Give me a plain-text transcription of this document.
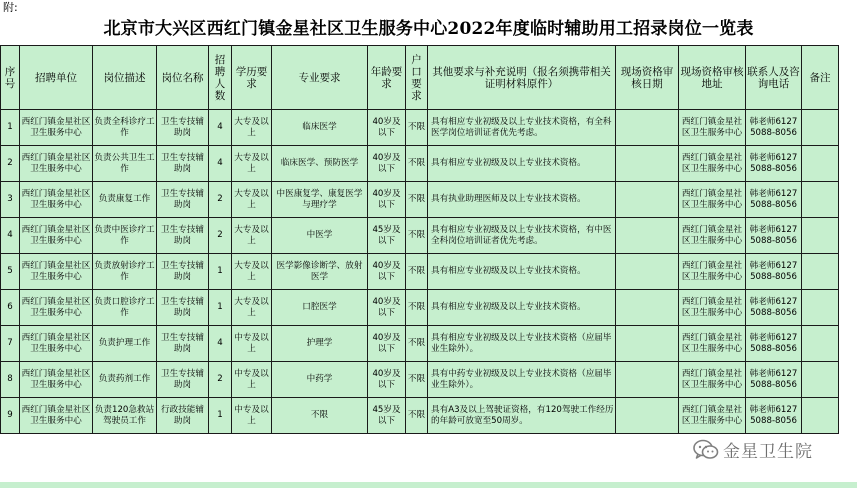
附:
北京市大兴区西红门镇金星社区卫生服务中心2022年度临时辅助用工招录岗位一览表
序号	招聘单位	岗位描述	岗位名称	招聘人数	学历要求	专业要求	年龄要求	户口要求	其他要求与补充说明（报名须携带相关证明材料原件）	现场资格审核日期	现场资格审核地址	联系人及咨询电话	备注
1	西红门镇金星社区卫生服务中心	负责全科诊疗工作	卫生专技辅助岗	4	大专及以上	临床医学	40岁及以下	不限	具有相应专业初级及以上专业技术资格，有全科医学岗位培训证者优先考虑。		西红门镇金星社区卫生服务中心	韩老师61275088-8056	
2	西红门镇金星社区卫生服务中心	负责公共卫生工作	卫生专技辅助岗	4	大专及以上	临床医学、预防医学	40岁及以下	不限	具有相应专业初级及以上专业技术资格。		西红门镇金星社区卫生服务中心	韩老师61275088-8056	
3	西红门镇金星社区卫生服务中心	负责康复工作	卫生专技辅助岗	2	大专及以上	中医康复学、康复医学与理疗学	40岁及以下	不限	具有执业助理医师及以上专业技术资格。		西红门镇金星社区卫生服务中心	韩老师61275088-8056	
4	西红门镇金星社区卫生服务中心	负责中医诊疗工作	卫生专技辅助岗	2	大专及以上	中医学	45岁及以下	不限	具有相应专业初级及以上专业技术资格，有中医全科岗位培训证者优先考虑。		西红门镇金星社区卫生服务中心	韩老师61275088-8056	
5	西红门镇金星社区卫生服务中心	负责放射诊疗工作	卫生专技辅助岗	1	大专及以上	医学影像诊断学、放射医学	40岁及以下	不限	具有相应专业初级及以上专业技术资格。		西红门镇金星社区卫生服务中心	韩老师61275088-8056	
6	西红门镇金星社区卫生服务中心	负责口腔诊疗工作	卫生专技辅助岗	1	大专及以上	口腔医学	40岁及以下	不限	具有相应专业初级及以上专业技术资格。		西红门镇金星社区卫生服务中心	韩老师61275088-8056	
7	西红门镇金星社区卫生服务中心	负责护理工作	卫生专技辅助岗	4	中专及以上	护理学	40岁及以下	不限	具有相应专业初级及以上专业技术资格（应届毕业生除外）。		西红门镇金星社区卫生服务中心	韩老师61275088-8056	
8	西红门镇金星社区卫生服务中心	负责药剂工作	卫生专技辅助岗	2	中专及以上	中药学	40岁及以下	不限	具有中药专业初级及以上专业技术资格（应届毕业生除外）。		西红门镇金星社区卫生服务中心	韩老师61275088-8056	
9	西红门镇金星社区卫生服务中心	负责120急救站驾驶员工作	行政技能辅助岗	1	中专及以上	不限	45岁及以下	不限	具有A3及以上驾驶证资格，有120驾驶工作经历的年龄可放宽至50周岁。		西红门镇金星社区卫生服务中心	韩老师61275088-8056	
金星卫生院
